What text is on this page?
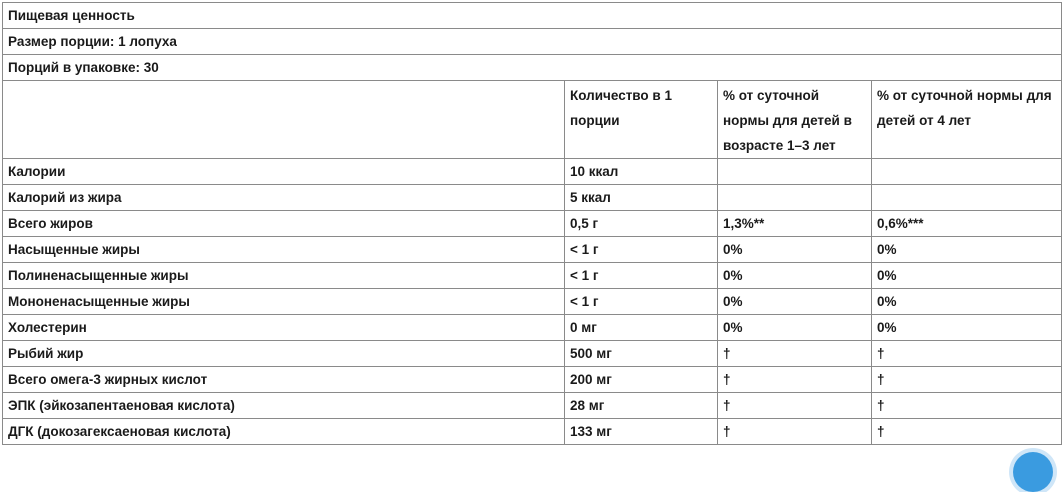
Пищевая ценность			
Размер порции: 1 лопуха			
Порций в упаковке: 30			
	Количество в 1 порции	% от суточной нормы для детей в возрасте 1–3 лет	% от суточной нормы для детей от 4 лет
Калории	10 ккал		
Калорий из жира	5 ккал		
Всего жиров	0,5 г	1,3%**	0,6%***
Насыщенные жиры	< 1 г	0%	0%
Полиненасыщенные жиры	< 1 г	0%	0%
Мононенасыщенные жиры	< 1 г	0%	0%
Холестерин	0 мг	0%	0%
Рыбий жир	500 мг	†	†
Всего омега-3 жирных кислот	200 мг	†	†
ЭПК (эйкозапентаеновая кислота)	28 мг	†	†
ДГК (докозагексаеновая кислота)	133 мг	†	†
